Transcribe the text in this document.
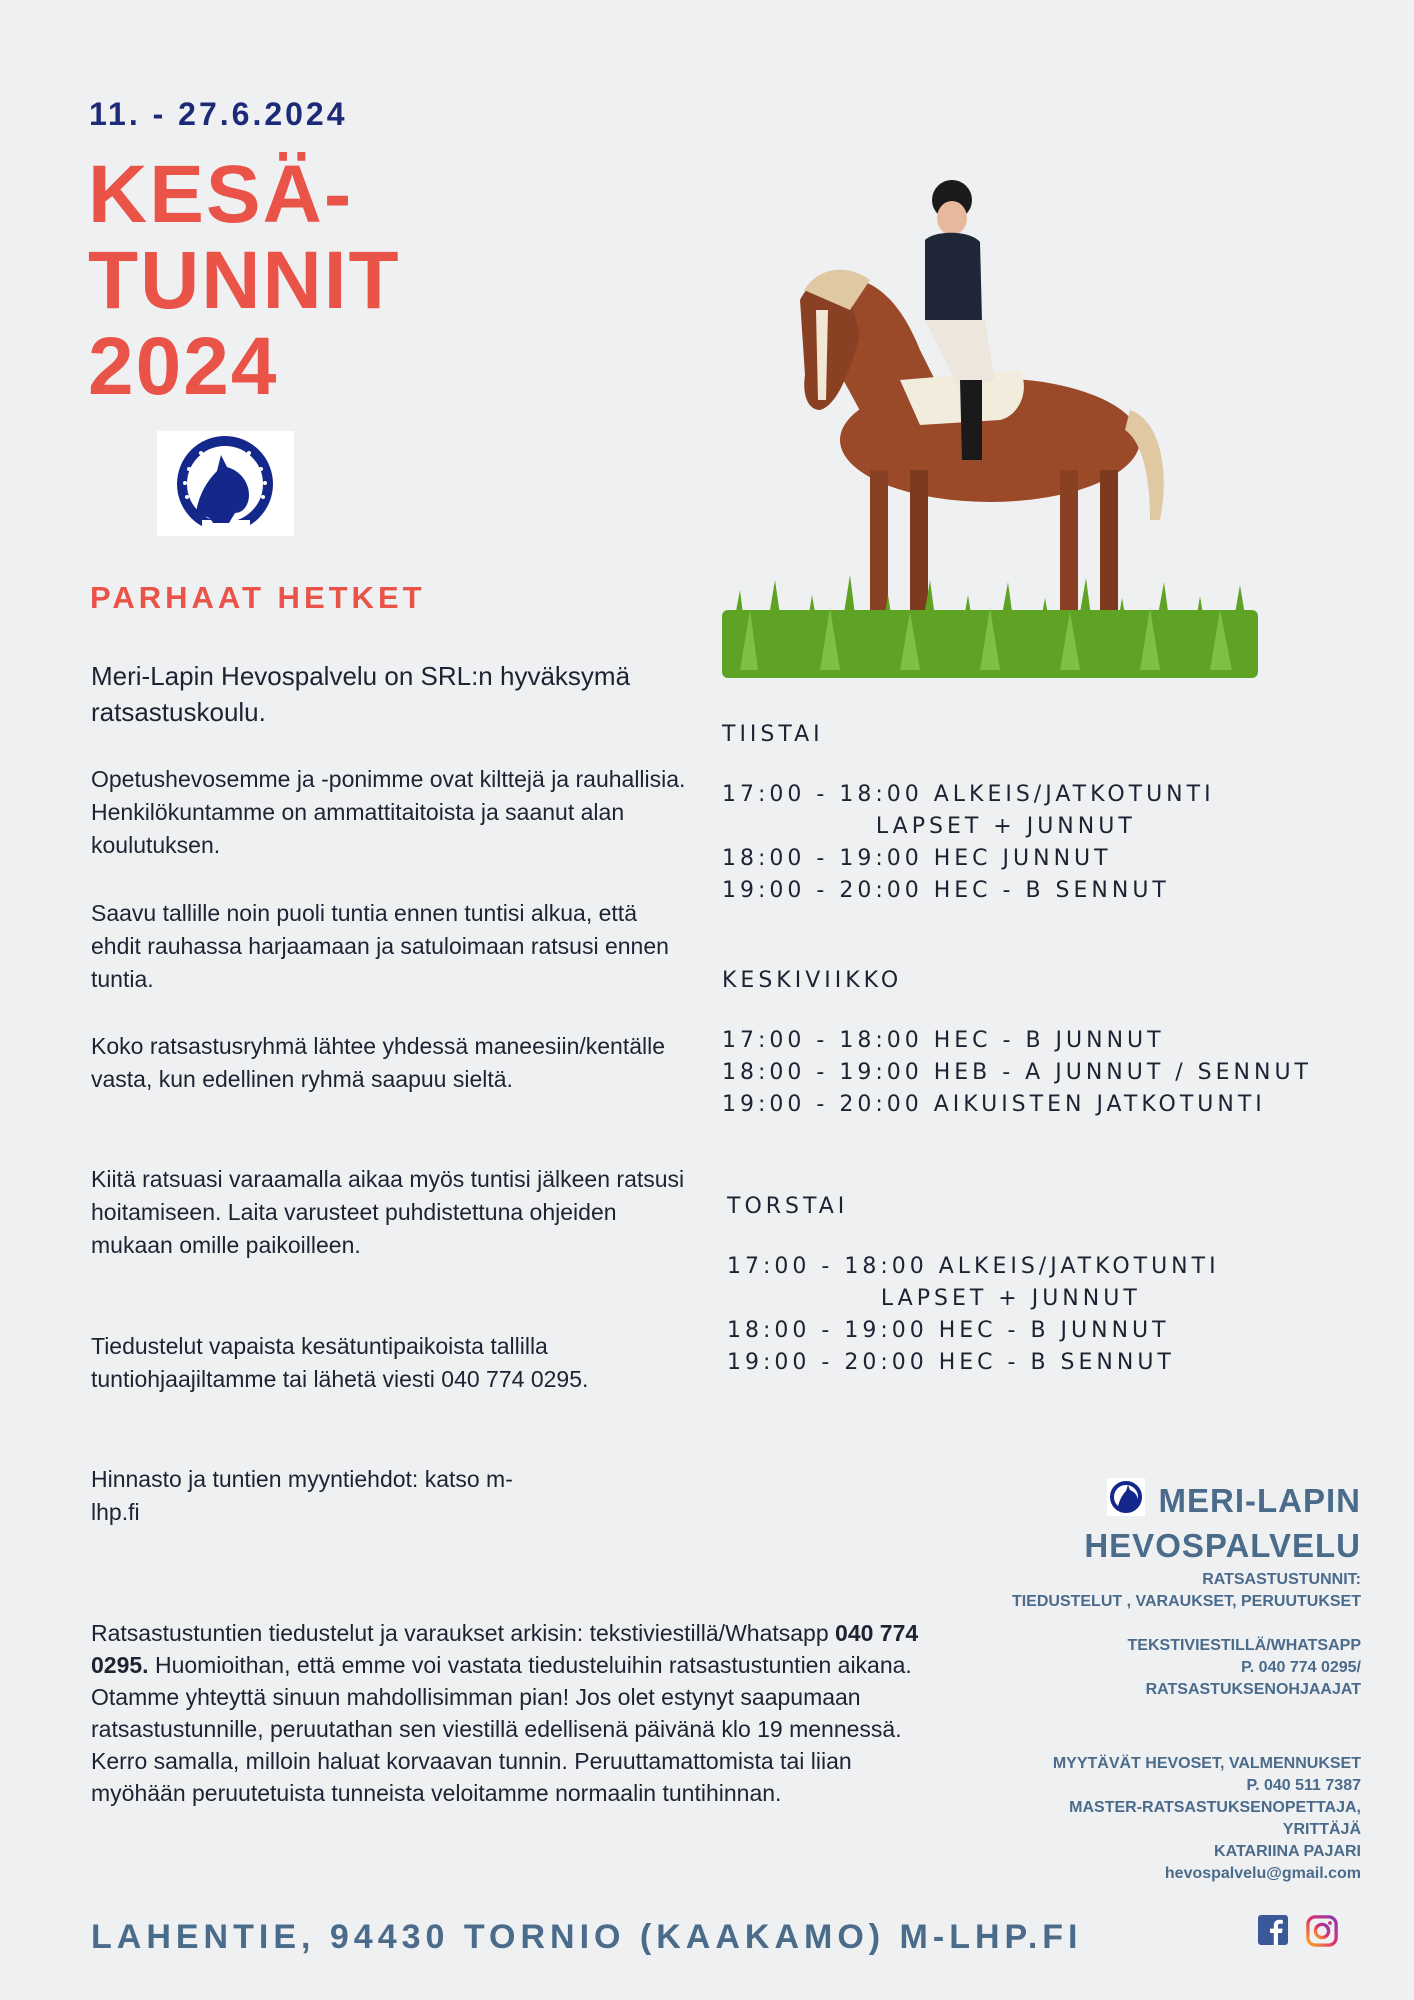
11. - 27.6.2024
KESÄ-
TUNNIT
2024
PARHAAT HETKET
Meri-Lapin Hevospalvelu on SRL:n hyväksymä ratsastuskoulu.
Opetushevosemme ja -ponimme ovat kilttejä ja rauhallisia. Henkilökuntamme on ammattitaitoista ja saanut alan koulutuksen.
Saavu tallille noin puoli tuntia ennen tuntisi alkua, että ehdit rauhassa harjaamaan ja satuloimaan ratsusi ennen tuntia.
Koko ratsastusryhmä lähtee yhdessä maneesiin/kentälle vasta, kun edellinen ryhmä saapuu sieltä.
Kiitä ratsuasi varaamalla aikaa myös tuntisi jälkeen ratsusi hoitamiseen. Laita varusteet puhdistettuna ohjeiden mukaan omille paikoilleen.
Tiedustelut vapaista kesätuntipaikoista tallilla tuntiohjaajiltamme tai lähetä viesti 040 774 0295.
Hinnasto ja tuntien myyntiehdot: katso m-lhp.fi
TIISTAI
17:00 - 18:00 ALKEIS/JATKOTUNTI
LAPSET + JUNNUT
18:00 - 19:00 HEC JUNNUT
19:00 - 20:00 HEC - B SENNUT
KESKIVIIKKO
17:00 - 18:00 HEC - B JUNNUT
18:00 - 19:00 HEB - A JUNNUT / SENNUT
19:00 - 20:00 AIKUISTEN JATKOTUNTI
TORSTAI
17:00 - 18:00 ALKEIS/JATKOTUNTI
LAPSET + JUNNUT
18:00 - 19:00 HEC - B JUNNUT
19:00 - 20:00 HEC - B SENNUT
MERI-LAPIN
HEVOSPALVELU
RATSASTUSTUNNIT:
TIEDUSTELUT , VARAUKSET, PERUUTUKSET
TEKSTIVIESTILLÄ/WHATSAPP
P. 040 774 0295/
RATSASTUKSENOHJAAJAT
MYYTÄVÄT HEVOSET, VALMENNUKSET
P. 040 511 7387
MASTER-RATSASTUKSENOPETTAJA,
YRITTÄJÄ
KATARIINA PAJARI
hevospalvelu@gmail.com
Ratsastustuntien tiedustelut ja varaukset arkisin: tekstiviestillä/Whatsapp 040 774 0295. Huomioithan, että emme voi vastata tiedusteluihin ratsastustuntien aikana. Otamme yhteyttä sinuun mahdollisimman pian! Jos olet estynyt saapumaan ratsastustunnille, peruutathan sen viestillä edellisenä päivänä klo 19 mennessä. Kerro samalla, milloin haluat korvaavan tunnin. Peruuttamattomista tai liian myöhään peruutetuista tunneista veloitamme normaalin tuntihinnan.
LAHENTIE, 94430 TORNIO (KAAKAMO) M-LHP.FI
